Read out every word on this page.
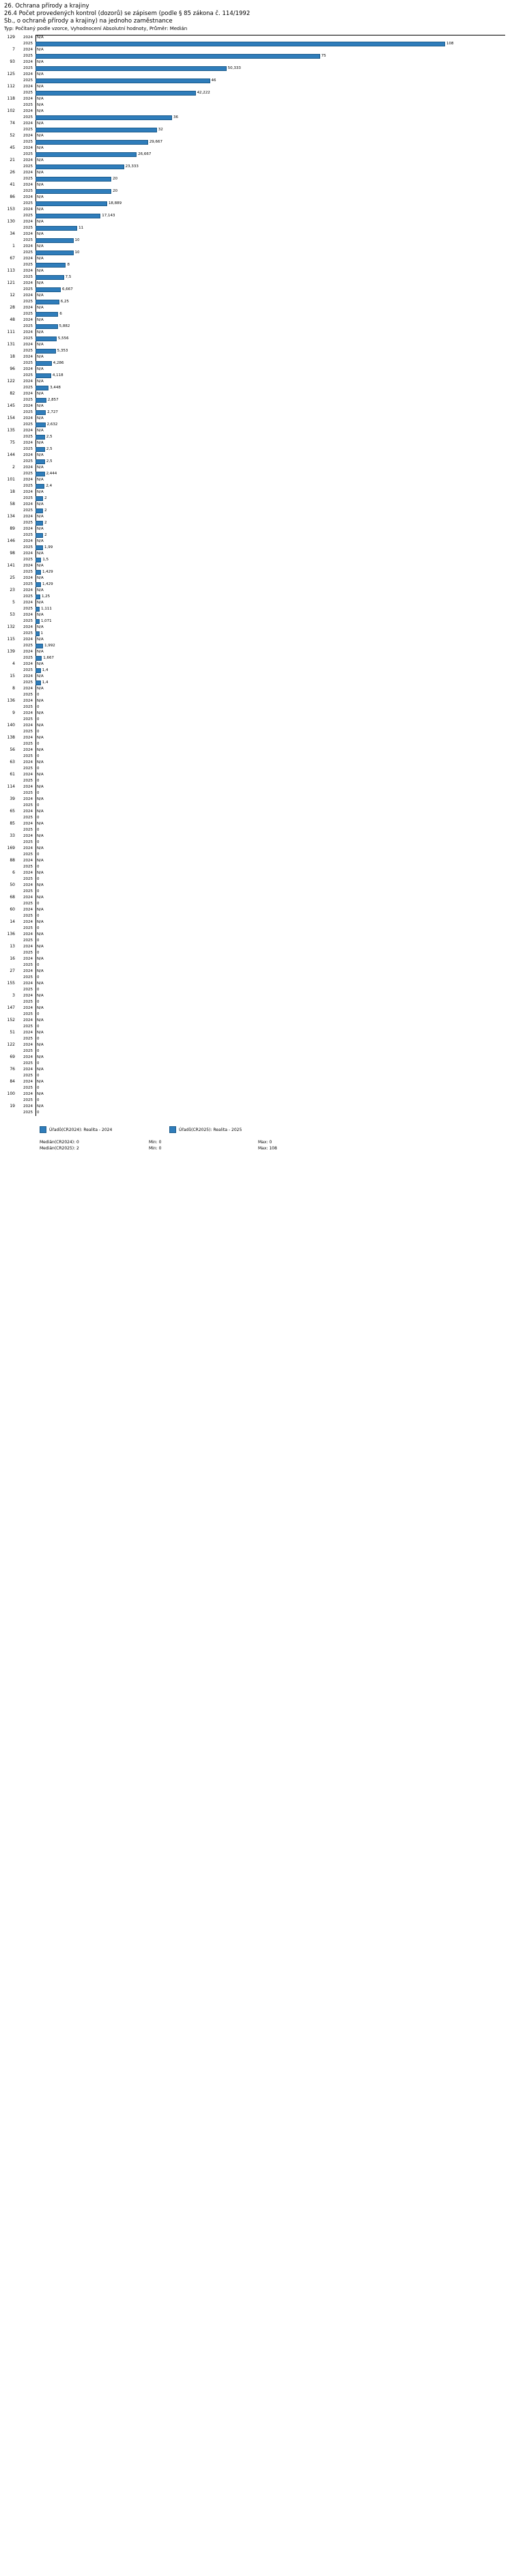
26. Ochrana přírody a krajiny
26.4 Počet provedených kontrol (dozorů) se zápisem (podle § 85 zákona č. 114/1992
Sb., o ochraně přírody a krajiny) na jednoho zaměstnance
Typ: Počítaný podle vzorce, Vyhodnocení Absolutní hodnoty, Průměr: Medián
129	2024 N/A
2025	108
7	2024 N/A
2025	75
93	2024 N/A
2025	50,333
125	2024 N/A
2025	46
112	2024 N/A
2025	42,222
118	2024 N/A
2025 N/A
102	2024 N/A
2025	36
74	2024 N/A
2025	32
52	2024 N/A
2025	29,667
45	2024 N/A
2025	26,667
21	2024 N/A
2025	23,333
26	2024 N/A
2025	20
41	2024 N/A
2025	20
86	2024 N/A
2025	18,889
153	2024 N/A
2025	17,143
130	2024 N/A
2025	11
34	2024 N/A
2025	10
1	2024 N/A
2025	10
67	2024 N/A
2025	8
113	2024 N/A
2025	7,5
121	2024 N/A
2025	6,667
12	2024 N/A
2025	6,25
28	2024 N/A
2025	6
48	2024 N/A
2025	5,882
111	2024 N/A
2025	5,556
131	2024 N/A
2025	5,353
18	2024 N/A
2025	4,286
96	2024 N/A
2025	4,118
122	2024 N/A
2025	3,448
82	2024 N/A
2025	2,857
145	2024 N/A
2025	2,727
154	2024 N/A
2025	2,632
135	2024 N/A
2025	2,5
75	2024 N/A
2025	2,5
144	2024 N/A
2025	2,5
2	2024 N/A
2025	2,444
101	2024 N/A
2025	2,4
18	2024 N/A
2025	2
58	2024 N/A
2025	2
134	2024 N/A
2025	2
89	2024 N/A
2025	2
146	2024 N/A
2025	1,99
98	2024 N/A
2025	1,5
141	2024 N/A
2025	1,429
25	2024 N/A
2025	1,429
23	2024 N/A
2025 1,25
5	2024 N/A
2025 1,111
53	2024 N/A
2025 1,071
132	2024 N/A
2025 1
115	2024 N/A
2025	1,992
139	2024 N/A
2025	1,667
4	2024 N/A
2025	1,4
15	2024 N/A
2025	1,4
8	2024 N/A
2025 0
136	2024 N/A
2025 0
9	2024 N/A
2025 0
140	2024 N/A
2025 0
138	2024 N/A
2025 0
56	2024 N/A
2025 0
63	2024 N/A
2025 0
61	2024 N/A
2025 0
114	2024 N/A
2025 0
39	2024 N/A
2025 0
65	2024 N/A
2025 0
85	2024 N/A
2025 0
33	2024 N/A
2025 0
169	2024 N/A
2025 0
88	2024 N/A
2025 0
6	2024 N/A
2025 0
50	2024 N/A
2025 0
68	2024 N/A
2025 0
60	2024 N/A
2025 0
14	2024 N/A
2025 0
136	2024 N/A
2025 0
13	2024 N/A
2025 0
16	2024 N/A
2025 0
27	2024 N/A
2025 0
155	2024 N/A
2025 0
3	2024 N/A
2025 0
147	2024 N/A
2025 0
152	2024 N/A
2025 0
51	2024 N/A
2025 0
122	2024 N/A
2025 0
69	2024 N/A
2025 0
76	2024 N/A
2025 0
84	2024 N/A
2025 0
100	2024 N/A
2025 0
19	2024 N/A
2025 0
Úřadů(CR2024): Realita - 2024	Úřadů(CR2025): Realita - 2025
Medián(CR2024): 0	Min: 0	Max: 0
Medián(CR2025): 2	Min: 0	Max: 108
